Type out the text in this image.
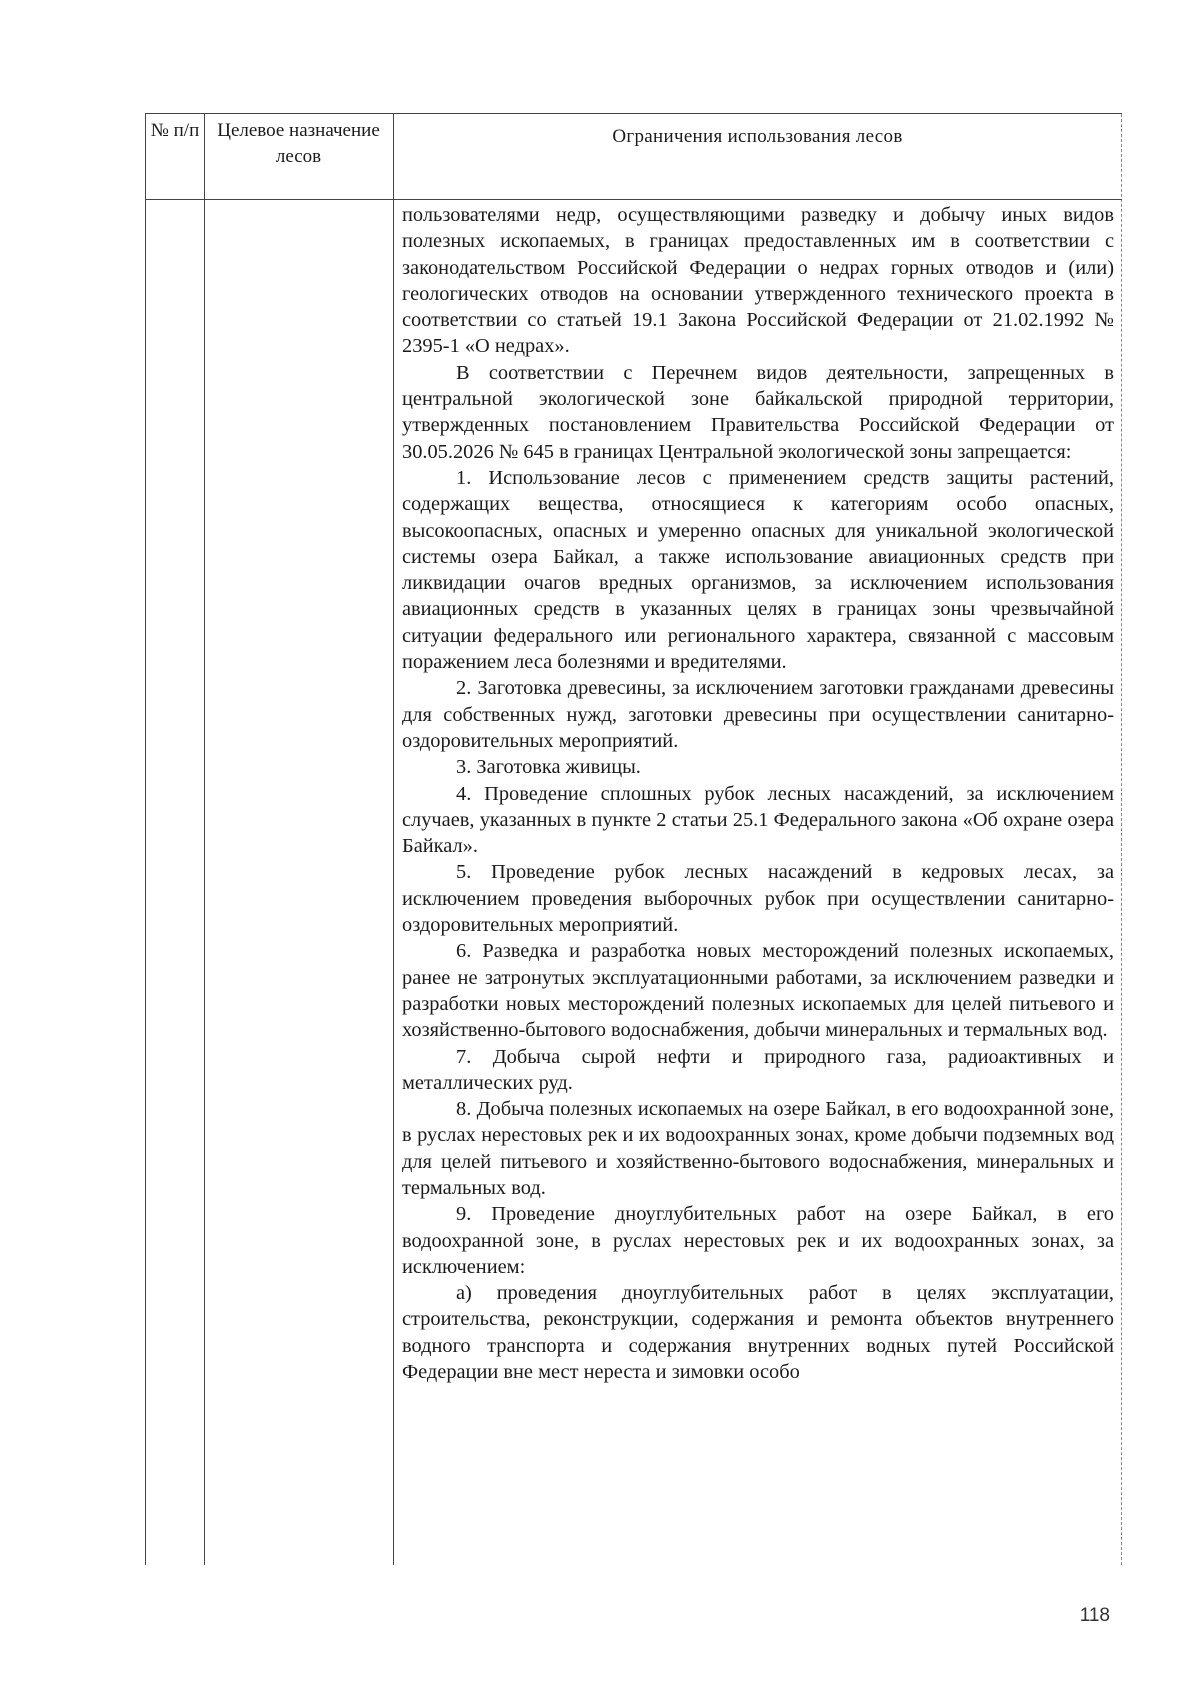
№ п/п Целевое назначение лесов
Ограничения использования лесов

пользователями недр, осуществляющими разведку и добычу иных видов полезных ископаемых, в границах предоставленных им в соответствии с законодательством Российской Федерации о недрах горных отводов и (или) геологических отводов на основании утвержденного технического проекта в соответствии со статьей 19.1 Закона Российской Федерации от 21.02.1992 № 2395-1 «О недрах».

В соответствии с Перечнем видов деятельности, запрещенных в центральной экологической зоне байкальской природной территории, утвержденных постановлением Правительства Российской Федерации от 30.05.2026 № 645 в границах Центральной экологической зоны запрещается:

1. Использование лесов с применением средств защиты растений, содержащих вещества, относящиеся к категориям особо опасных, высокоопасных, опасных и умеренно опасных для уникальной экологической системы озера Байкал, а также использование авиационных средств при ликвидации очагов вредных организмов, за исключением использования авиационных средств в указанных целях в границах зоны чрезвычайной ситуации федерального или регионального характера, связанной с массовым поражением леса болезнями и вредителями.

2. Заготовка древесины, за исключением заготовки гражданами древесины для собственных нужд, заготовки древесины при осуществлении санитарно-оздоровительных мероприятий.

3. Заготовка живицы.

4. Проведение сплошных рубок лесных насаждений, за исключением случаев, указанных в пункте 2 статьи 25.1 Федерального закона «Об охране озера Байкал».

5. Проведение рубок лесных насаждений в кедровых лесах, за исключением проведения выборочных рубок при осуществлении санитарно-оздоровительных мероприятий.

6. Разведка и разработка новых месторождений полезных ископаемых, ранее не затронутых эксплуатационными работами, за исключением разведки и разработки новых месторождений полезных ископаемых для целей питьевого и хозяйственно-бытового водоснабжения, добычи минеральных и термальных вод.

7. Добыча сырой нефти и природного газа, радиоактивных и металлических руд.

8. Добыча полезных ископаемых на озере Байкал, в его водоохранной зоне, в руслах нерестовых рек и их водоохранных зонах, кроме добычи подземных вод для целей питьевого и хозяйственно-бытового водоснабжения, минеральных и термальных вод.

9. Проведение дноуглубительных работ на озере Байкал, в его водоохранной зоне, в руслах нерестовых рек и их водоохранных зонах, за исключением:

а) проведения дноуглубительных работ в целях эксплуатации, строительства, реконструкции, содержания и ремонта объектов внутреннего водного транспорта и содержания внутренних водных путей Российской Федерации вне мест нереста и зимовки особо

118
